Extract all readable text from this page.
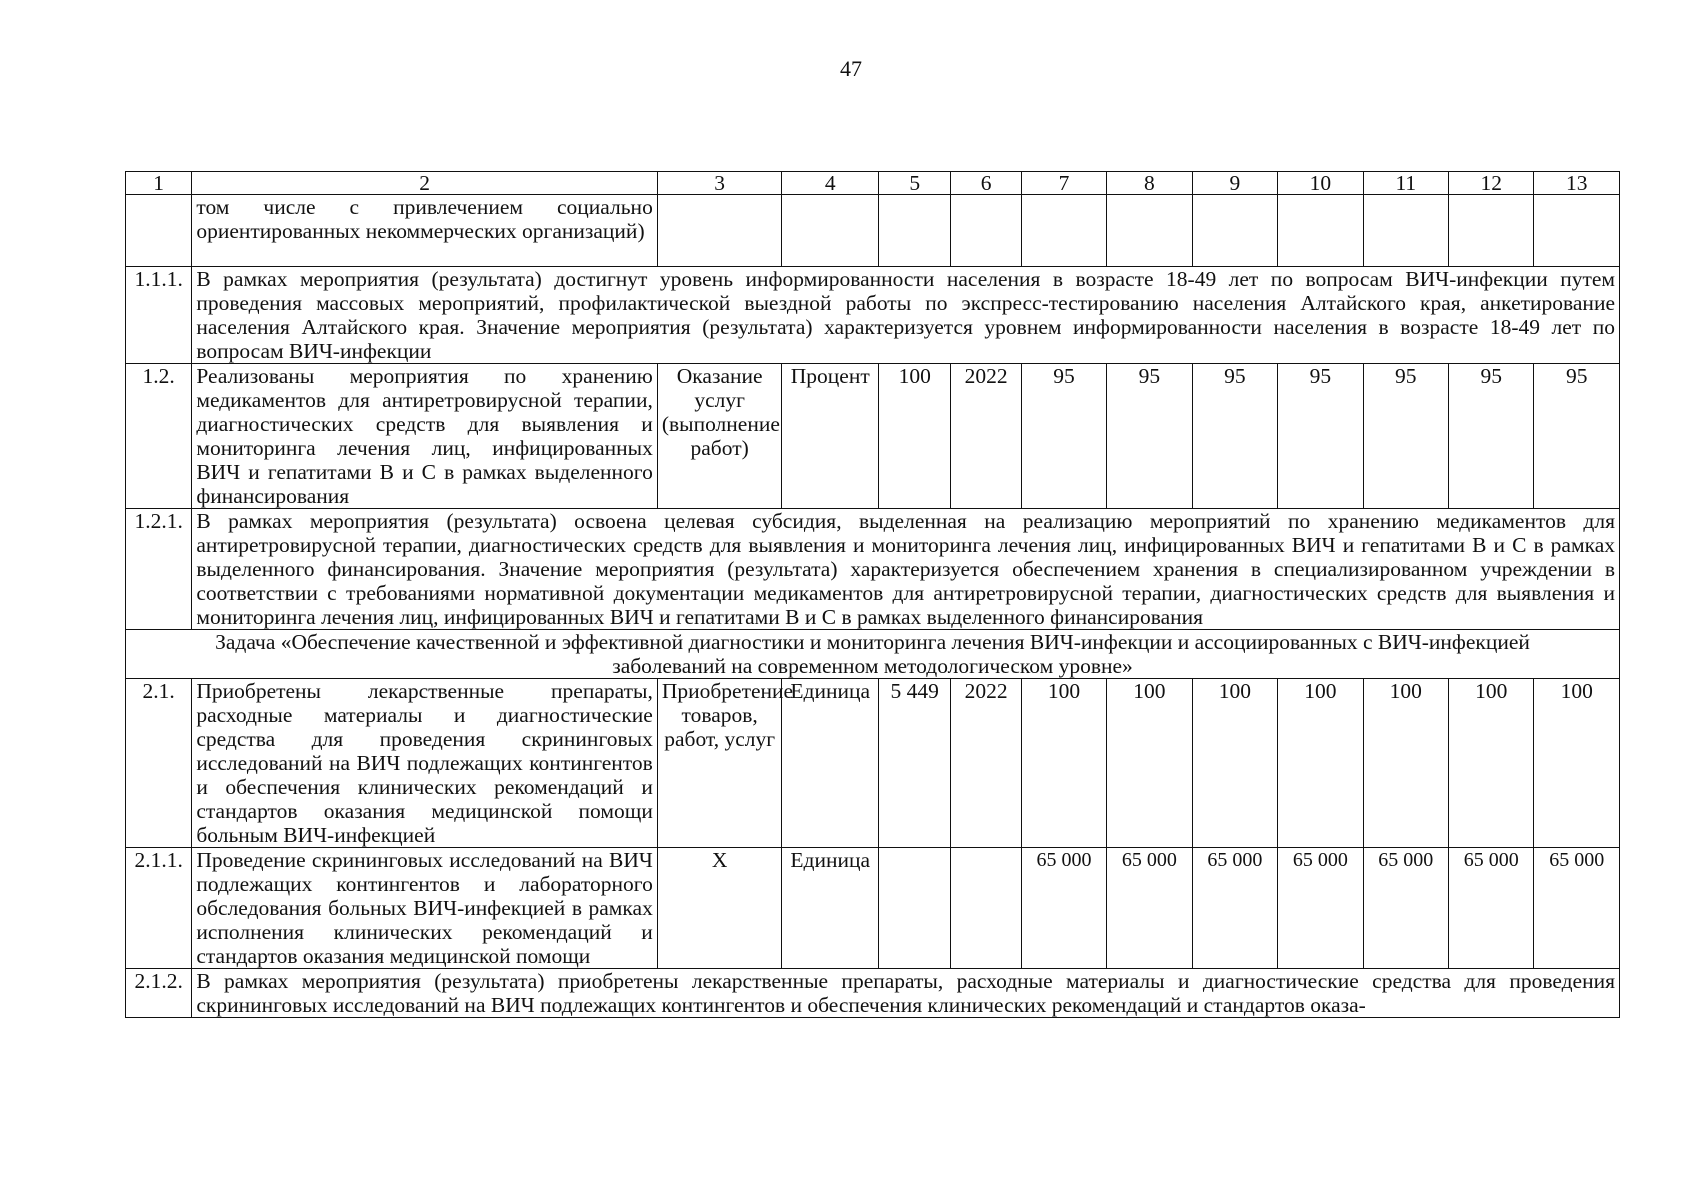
47
1	2	3	4	5	6	7	8	9	10	11	12	13
	том числе с привлечением социально ориентированных некоммерческих организаций)											
1.1.1.	В рамках мероприятия (результата) достигнут уровень информированности населения в возрасте 18-49 лет по вопросам ВИЧ-инфекции путем проведения массовых мероприятий, профилактической выездной работы по экспресс-тестированию населения Алтайского края, анкетирование населения Алтайского края. Значение мероприятия (результата) характеризуется уровнем информированности населения в возрасте 18-49 лет по вопросам ВИЧ-инфекции											
1.2.	Реализованы мероприятия по хранению медикаментов для антиретровирусной терапии, диагностических средств для выявления и мониторинга лечения лиц, инфицированных ВИЧ и гепатитами В и С в рамках выделенного финансирования	Оказание услуг (выполнение работ)	Процент	100	2022	95	95	95	95	95	95	95
1.2.1.	В рамках мероприятия (результата) освоена целевая субсидия, выделенная на реализацию мероприятий по хранению медикаментов для антиретровирусной терапии, диагностических средств для выявления и мониторинга лечения лиц, инфицированных ВИЧ и гепатитами В и С в рамках выделенного финансирования. Значение мероприятия (результата) характеризуется обеспечением хранения в специализированном учреждении в соответствии с требованиями нормативной документации медикаментов для антиретровирусной терапии, диагностических средств для выявления и мониторинга лечения лиц, инфицированных ВИЧ и гепатитами В и С в рамках выделенного финансирования											
Задача «Обеспечение качественной и эффективной диагностики и мониторинга лечения ВИЧ-инфекции и ассоциированных с ВИЧ-инфекцией заболеваний на современном методологическом уровне»												
2.1.	Приобретены лекарственные препараты, расходные материалы и диагностические средства для проведения скрининговых исследований на ВИЧ подлежащих контингентов и обеспечения клинических рекомендаций и стандартов оказания медицинской помощи больным ВИЧ-инфекцией	Приобретение товаров, работ, услуг	Единица	5 449	2022	100	100	100	100	100	100	100
2.1.1.	Проведение скрининговых исследований на ВИЧ подлежащих контингентов и лабораторного обследования больных ВИЧ-инфекцией в рамках исполнения клинических рекомендаций и стандартов оказания медицинской помощи	Х	Единица			65 000	65 000	65 000	65 000	65 000	65 000	65 000
2.1.2.	В рамках мероприятия (результата) приобретены лекарственные препараты, расходные материалы и диагностические средства для проведения скрининговых исследований на ВИЧ подлежащих контингентов и обеспечения клинических рекомендаций и стандартов оказа-											
